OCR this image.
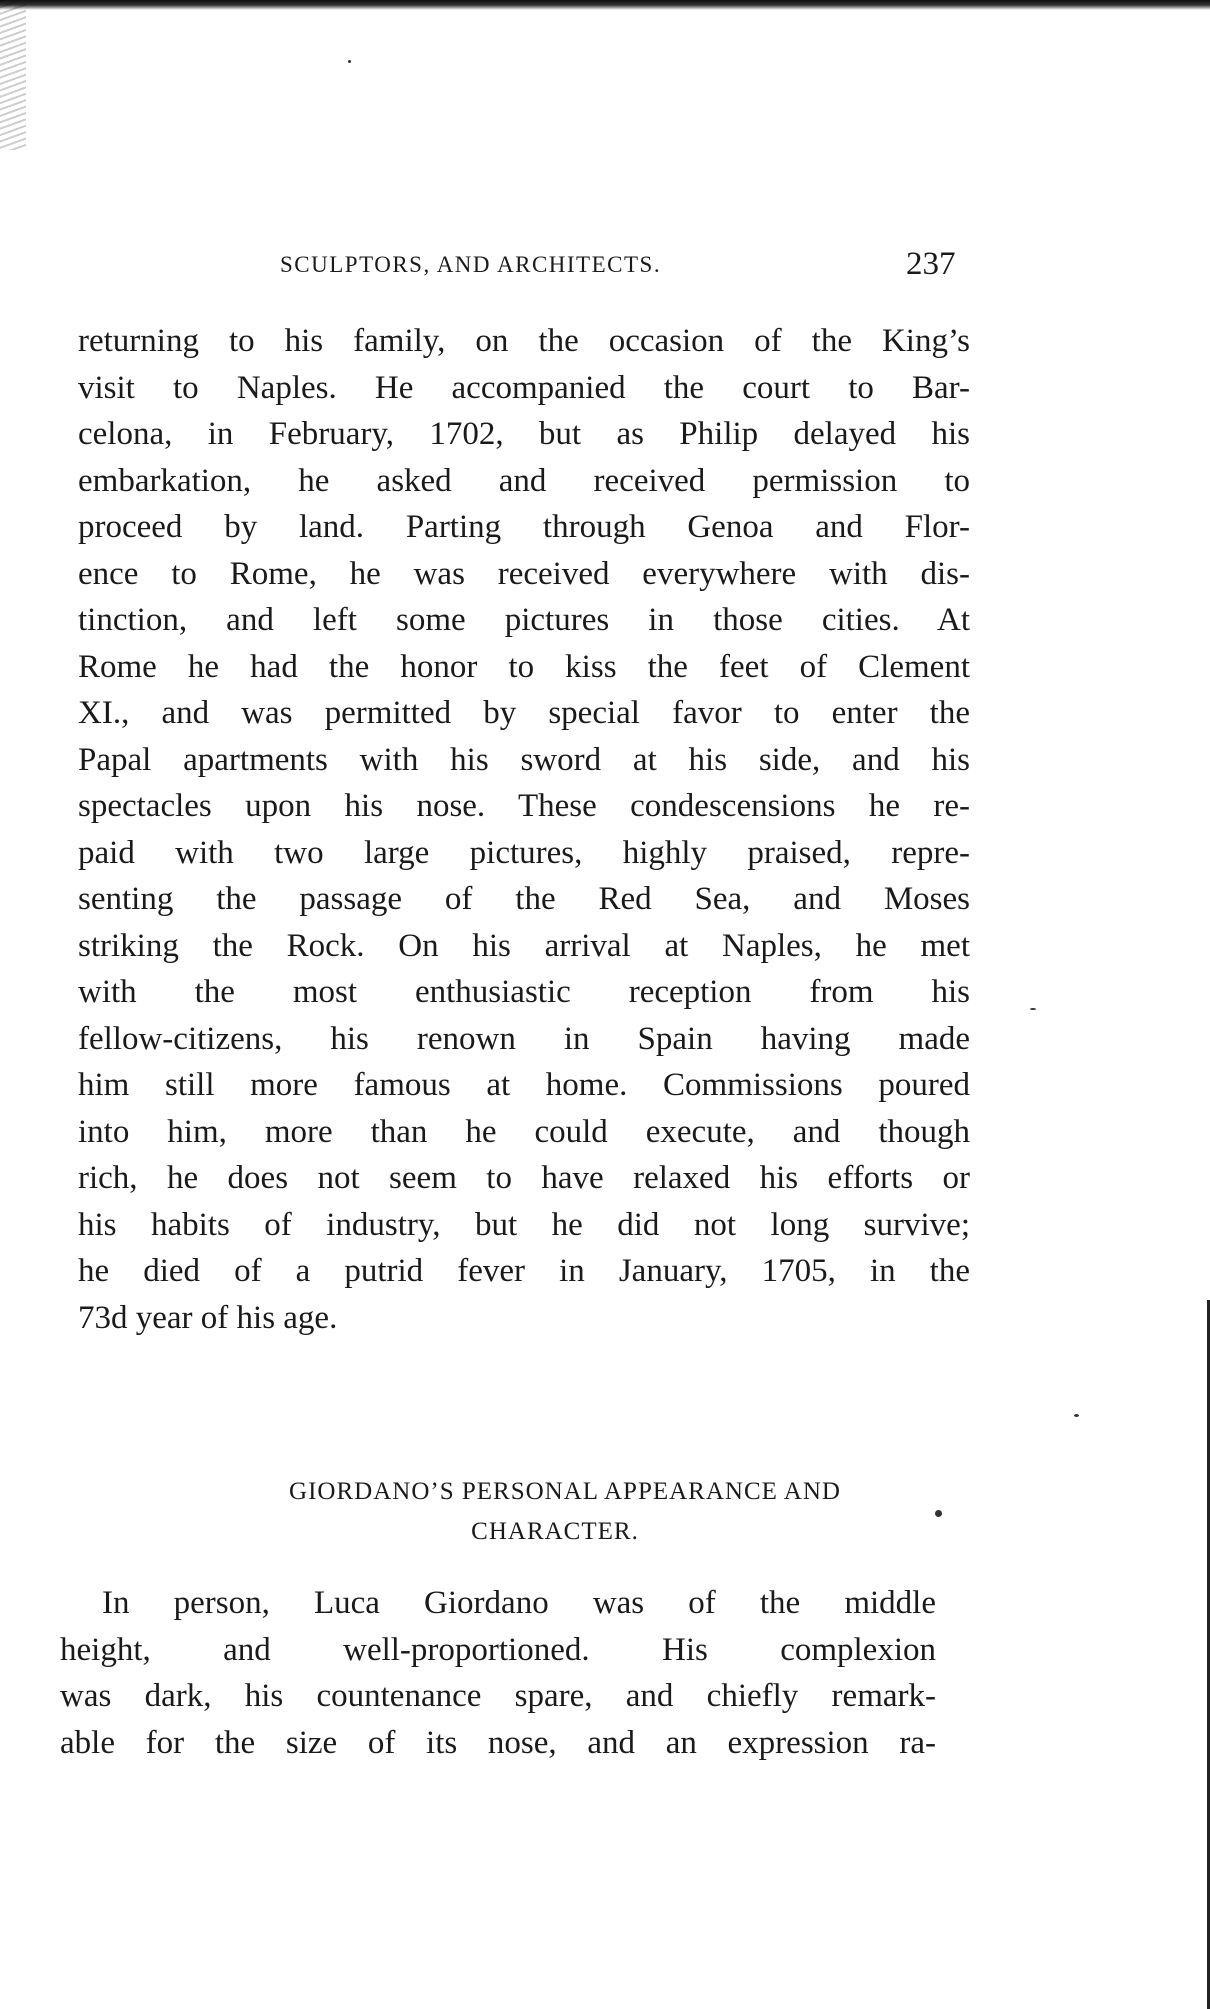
SCULPTORS, AND ARCHITECTS.	237
returning to his family, on the occasion of the King’s
visit to Naples. He accompanied the court to Bar-
celona, in February, 1702, but as Philip delayed his
embarkation, he asked and received permission to
proceed by land. Parting through Genoa and Flor-
ence to Rome, he was received everywhere with dis-
tinction, and left some pictures in those cities. At
Rome he had the honor to kiss the feet of Clement
XI., and was permitted by special favor to enter the
Papal apartments with his sword at his side, and his
spectacles upon his nose. These condescensions he re-
paid with two large pictures, highly praised, repre-
senting the passage of the Red Sea, and Moses
striking the Rock. On his arrival at Naples, he met
with the most enthusiastic reception from his
fellow-citizens, his renown in Spain having made
him still more famous at home. Commissions poured
into him, more than he could execute, and though
rich, he does not seem to have relaxed his efforts or
his habits of industry, but he did not long survive;
he died of a putrid fever in January, 1705, in the
73d year of his age.
GIORDANO’S PERSONAL APPEARANCE AND
CHARACTER.
In person, Luca Giordano was of the middle
height, and well-proportioned. His complexion
was dark, his countenance spare, and chiefly remark-
able for the size of its nose, and an expression ra-
